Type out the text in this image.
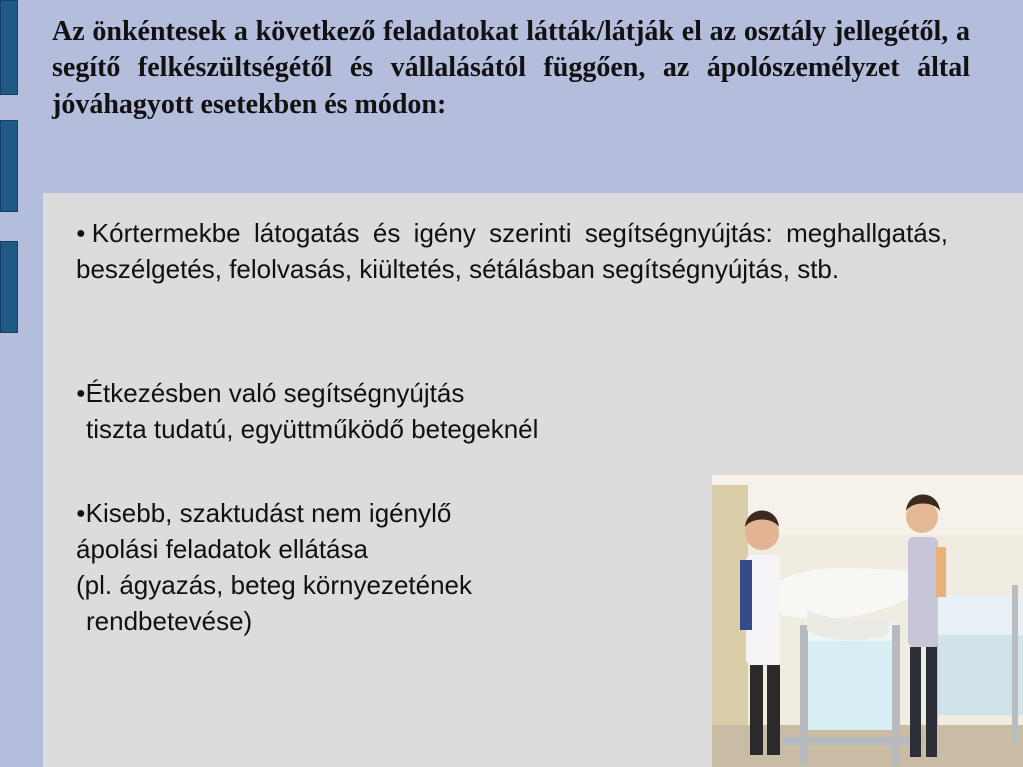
Az önkéntesek a következő feladatokat látták/látják el az osztály jellegétől, a segítő felkészültségétől és vállalásától függően, az ápolószemélyzet által jóváhagyott esetekben és módon:

●Kórtermekbe látogatás és igény szerinti segítségnyújtás: meghallgatás, beszélgetés, felolvasás, kiültetés, sétálásban segítségnyújtás, stb.
●Étkezésben való segítségnyújtás
tiszta tudatú, együttműködő betegeknél
●Kisebb, szaktudást nem igénylő
ápolási feladatok ellátása
(pl. ágyazás, beteg környezetének
rendbetevése)
